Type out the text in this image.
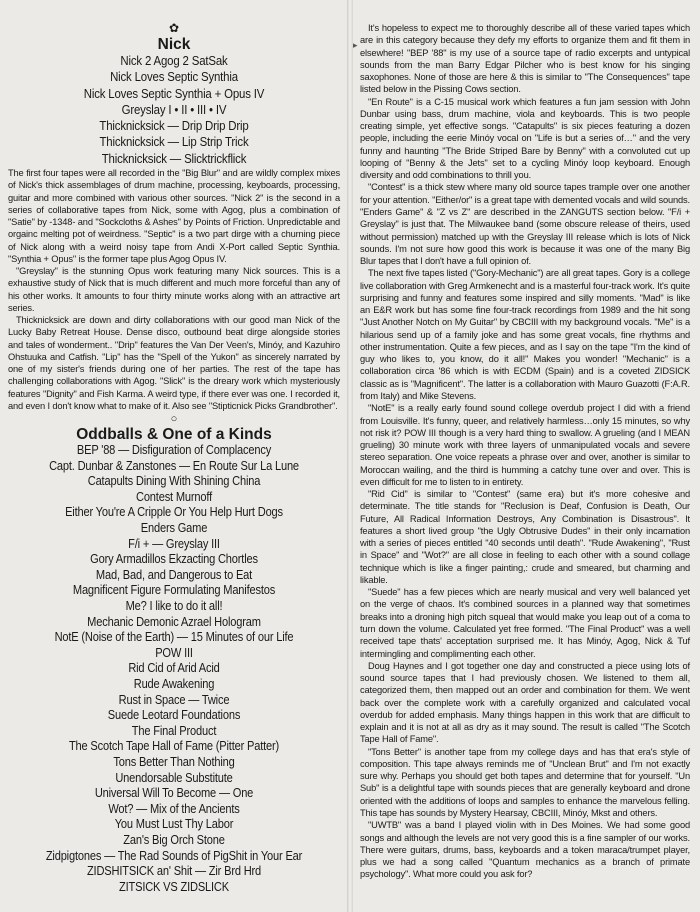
▸
✿
Nick
Nick 2 Agog 2 SatSak
Nick Loves Septic Synthia
Nick Loves Septic Synthia + Opus IV
Greyslay I • II • III • IV
Thicknicksick — Drip Drip Drip
Thicknicksick — Lip Strip Trick
Thicknicksick — Slicktrickflick

The first four tapes were all recorded in the "Big Blur" and are wildly complex mixes of Nick's thick assemblages of drum machine, processing, keyboards, processing, guitar and more combined with various other sources. "Nick 2" is the second in a series of collaborative tapes from Nick, some with Agog, plus a combination of "Satie" by -1348- and "Sockcloths & Ashes" by Points of Friction. Unpredictable and orgainc melting pot of weirdness. "Septic" is a two part dirge with a churning piece of Nick along with a weird noisy tape from Andi X-Port called Septic Synthia. "Synthia + Opus" is the former tape plus Agog Opus IV.

"Greyslay" is the stunning Opus work featuring many Nick sources. This is a exhaustive study of Nick that is much different and much more forceful than any of his other works. It amounts to four thirty minute works along with an attractive art series.

Thicknicksick are down and dirty collaborations with our good man Nick of the Lucky Baby Retreat House. Dense disco, outbound beat dirge alongside stories and tales of wonderment.. "Drip" features the Van Der Veen's, Minóy, and Kazuhiro Ohstuuka and Catfish. "Lip" has the "Spell of the Yukon" as sincerely narrated by one of my sister's friends during one of her parties. The rest of the tape has challenging collaborations with Agog. "Slick" is the dreary work which mysteriously features "Dignity" and Fish Karma. A weird type, if there ever was one. I recorded it, and even I don't know what to make of it. Also see "Stipticnick Picks Grandbrother".

○
Oddballs & One of a Kinds
BEP '88 — Disfiguration of Complacency
Capt. Dunbar & Zanstones — En Route Sur La Lune
Catapults Dining With Shining China
Contest Murnoff
Either You're A Cripple Or You Help Hurt Dogs
Enders Game
F/i + — Greyslay III
Gory Armadillos Ekzacting Chortles
Mad, Bad, and Dangerous to Eat
Magnificent Figure Formulating Manifestos
Me? I like to do it all!
Mechanic Demonic Azrael Hologram
NotE (Noise of the Earth) — 15 Minutes of our Life
POW III
Rid Cid of Arid Acid
Rude Awakening
Rust in Space — Twice
Suede Leotard Foundations
The Final Product
The Scotch Tape Hall of Fame (Pitter Patter)
Tons Better Than Nothing
Unendorsable Substitute
Universal Will To Become — One
Wot? — Mix of the Ancients
You Must Lust Thy Labor
Zan's Big Orch Stone
Zidpigtones — The Rad Sounds of PigShit in Your Ear
ZIDSHITSICK an' Shit — Zir Brd Hrd
ZITSICK VS ZIDSLICK

It's hopeless to expect me to thoroughly describe all of these varied tapes which are in this category because they defy my efforts to organize them and fit them in elsewhere! "BEP '88" is my use of a source tape of radio excerpts and untypical sounds from the man Barry Edgar Pilcher who is best know for his singing saxophones. None of those are here & this is similar to "The Consequences" tape listed below in the Pissing Cows section.

"En Route" is a C-15 musical work which features a fun jam session with John Dunbar using bass, drum machine, viola and keyboards. This is two people creating simple, yet effective songs. "Catapults" is six pieces featuring a dozen people, including the eerie Minóy vocal on "Life is but a series of…" and the very funny and haunting "The Bride Striped Bare by Benny" with a convoluted cut up looping of "Benny & the Jets" set to a cycling Minóy loop keyboard. Enough diversity and odd combinations to thrill you.

"Contest" is a thick stew where many old source tapes trample over one another for your attention. "Either/or" is a great tape with demented vocals and wild sounds. "Enders Game" & "Z vs Z" are described in the ZANGUTS section below. "F/i + Greyslay" is just that. The Milwaukee band (some obscure release of theirs, used without permission) matched up with the Greyslay III release which is lots of Nick sounds. I'm not sure how good this work is because it was one of the many Big Blur tapes that I don't have a full opinion of.

The next five tapes listed ("Gory-Mechanic") are all great tapes. Gory is a college live collaboration with Greg Armkenecht and is a masterful four-track work. It's quite surprising and funny and features some inspired and silly moments. "Mad" is like an E&R work but has some fine four-track recordings from 1989 and the hit song "Just Another Notch on My Guitar" by CBCIII with my background vocals. "Me" is a hilarious send up of a family joke and has some great vocals, fine rhythms and other instrumentation. Quite a few pieces, and as I say on the tape "I'm the kind of guy who likes to, you know, do it all!" Makes you wonder! "Mechanic" is a collaboration circa '86 which is with ECDM (Spain) and is a coveted ZIDSICK classic as is "Magnificent". The latter is a collaboration with Mauro Guazotti (F:A.R. from Italy) and Mike Stevens.

"NotE" is a really early found sound college overdub project I did with a friend from Louisville. It's funny, queer, and relatively harmless…only 15 minutes, so why not risk it? POW III though is a very hard thing to swallow. A grueling (and I MEAN grueling) 30 minute work with three layers of unmanipulated vocals and severe stereo separation. One voice repeats a phrase over and over, another is similar to Moroccan wailing, and the third is humming a catchy tune over and over. This is even difficult for me to listen to in entirety.

"Rid Cid" is similar to "Contest" (same era) but it's more cohesive and determinate. The title stands for "Reclusion is Deaf, Confusion is Death, Our Future, All Radical Information Destroys, Any Combination is Disastrous". It features a short lived group "the Ugly Obtrusive Dudes" in their only incarnation with a series of pieces entitled "40 seconds until death". "Rude Awakening", "Rust in Space" and "Wot?" are all close in feeling to each other with a sound collage technique which is like a finger painting,: crude and smeared, but charming and likable.

"Suede" has a few pieces which are nearly musical and very well balanced yet on the verge of chaos. It's combined sources in a planned way that sometimes breaks into a droning high pitch squeal that would make you leap out of a coma to turn down the volume. Calculated yet free formed. "The Final Product" was a well received tape thats' acceptation surprised me. It has Minóy, Agog, Nick & Tuf intermingling and complimenting each other.

Doug Haynes and I got together one day and constructed a piece using lots of sound source tapes that I had previously chosen. We listened to them all, categorized them, then mapped out an order and combination for them. We went back over the complete work with a carefully organized and calculated vocal overdub for added emphasis. Many things happen in this work that are difficult to explain and it is not at all as dry as it may sound. The result is called "The Scotch Tape Hall of Fame".

"Tons Better" is another tape from my college days and has that era's style of composition. This tape always reminds me of "Unclean Brut" and I'm not exactly sure why. Perhaps you should get both tapes and determine that for yourself. "Un Sub" is a delightful tape with sounds pieces that are generally keyboard and drone oriented with the additions of loops and samples to enhance the marvelous felling. This tape has sounds by Mystery Hearsay, CBCIII, Minóy, Mkst and others.

"UWTB" was a band I played violin with in Des Moines. We had some good songs and although the levels are not very good this is a fine sampler of our works. There were guitars, drums, bass, keyboards and a token maraca/trumpet player, plus we had a song called "Quantum mechanics as a branch of primate psychology". What more could you ask for?
